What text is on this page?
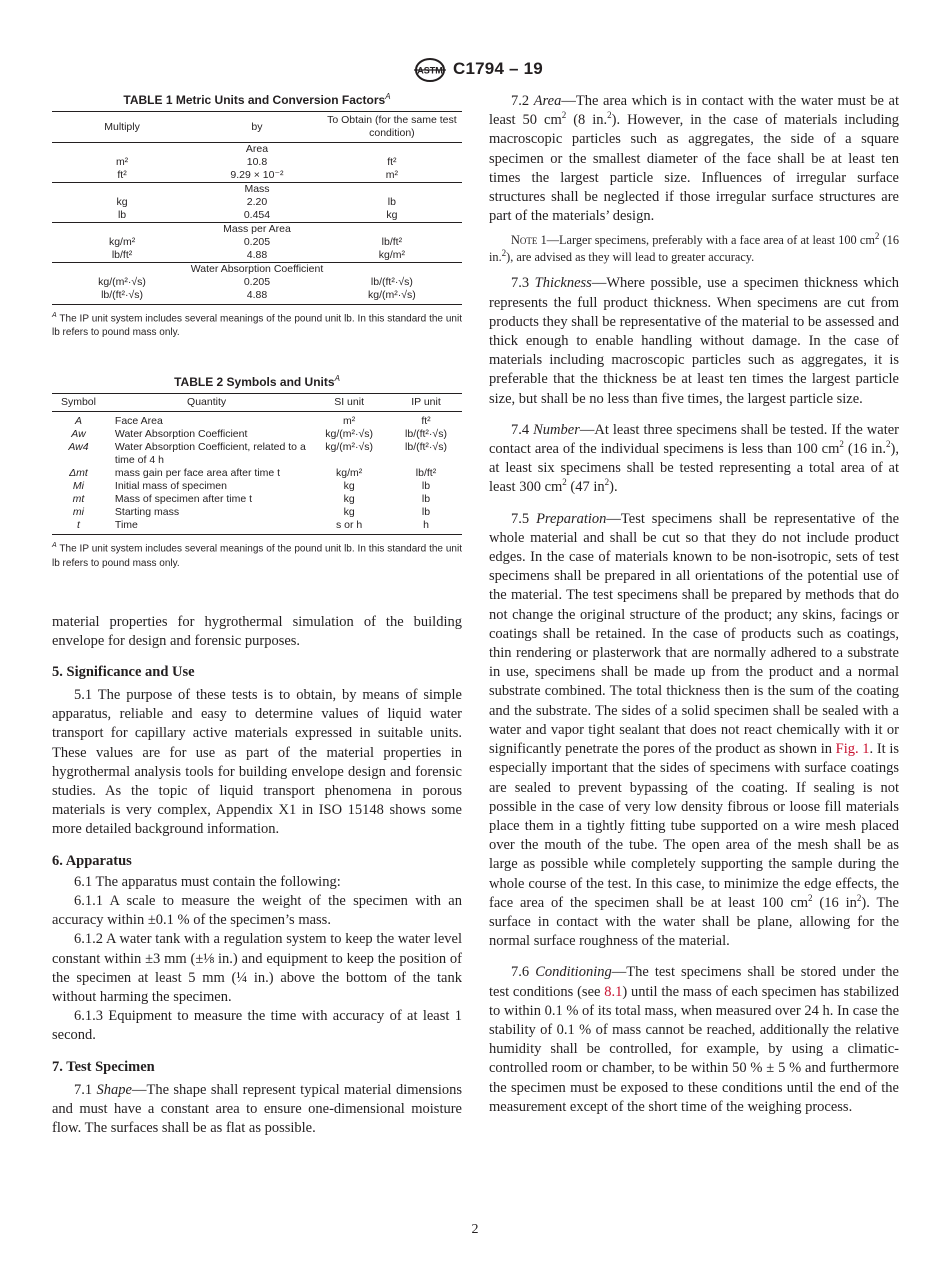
ASTM C1794 – 19
TABLE 1 Metric Units and Conversion Factors$^A$
Multiply	by	To Obtain (for the same test condition)
Area		
m²	10.8	ft²
ft²	9.29 × 10⁻²	m²
Mass		
kg	2.20	lb
lb	0.454	kg
Mass per Area		
kg/m²	0.205	lb/ft²
lb/ft²	4.88	kg/m²
Water Absorption Coefficient		
kg/(m²·√s)	0.205	lb/(ft²·√s)
lb/(ft²·√s)	4.88	kg/(m²·√s)
$^A$ The IP unit system includes several meanings of the pound unit lb. In this standard the unit lb refers to pound mass only.
TABLE 2 Symbols and Units$^A$
Symbol	Quantity	SI unit	IP unit
A	Face Area	m²	ft²
Aw	Water Absorption Coefficient	kg/(m²·√s)	lb/(ft²·√s)
Aw4	Water Absorption Coefficient, related to a time of 4 h	kg/(m²·√s)	lb/(ft²·√s)
Δmt	mass gain per face area after time t	kg/m²	lb/ft²
Mi	Initial mass of specimen	kg	lb
mt	Mass of specimen after time t	kg	lb
mi	Starting mass	kg	lb
t	Time	s or h	h
$^A$ The IP unit system includes several meanings of the pound unit lb. In this standard the unit lb refers to pound mass only.

material properties for hygrothermal simulation of the building envelope for design and forensic purposes.

5. Significance and Use

5.1 The purpose of these tests is to obtain, by means of simple apparatus, reliable and easy to determine values of liquid water transport for capillary active materials expressed in suitable units. These values are for use as part of the material properties in hygrothermal analysis tools for building envelope design and forensic studies. As the topic of liquid transport phenomena in porous materials is very complex, Appendix X1 in ISO 15148 shows some more detailed background information.

6. Apparatus

6.1 The apparatus must contain the following:

6.1.1 A scale to measure the weight of the specimen with an accuracy within ±0.1 % of the specimen’s mass.

6.1.2 A water tank with a regulation system to keep the water level constant within ±3 mm (±⅛ in.) and equipment to keep the position of the specimen at least 5 mm (¼ in.) above the bottom of the tank without harming the specimen.

6.1.3 Equipment to measure the time with accuracy of at least 1 second.

7. Test Specimen

7.1 Shape—The shape shall represent typical material dimensions and must have a constant area to ensure one-dimensional moisture flow. The surfaces shall be as flat as possible.

7.2 Area—The area which is in contact with the water must be at least 50 $cm^2$ (8 in.$^2$). However, in the case of materials including macroscopic particles such as aggregates, the side of a square specimen or the smallest diameter of the face shall be at least ten times the largest particle size. Influences of irregular surface structures shall be neglected if those irregular surface structures are part of the materials’ design.

Note 1—Larger specimens, preferably with a face area of at least 100 $cm^2$ (16 in.$^2$), are advised as they will lead to greater accuracy.

7.3 Thickness—Where possible, use a specimen thickness which represents the full product thickness. When specimens are cut from products they shall be representative of the material to be assessed and thick enough to enable handling without damage. In the case of materials including macroscopic particles such as aggregates, it is preferable that the thickness be at least ten times the largest particle size, but shall be no less than five times, the largest particle size.

7.4 Number—At least three specimens shall be tested. If the water contact area of the individual specimens is less than 100 $cm^2$ (16 in.$^2$), at least six specimens shall be tested representing a total area of at least 300 $cm^2$ (47 $in^2$).

7.5 Preparation—Test specimens shall be representative of the whole material and shall be cut so that they do not include product edges. In the case of materials known to be non-isotropic, sets of test specimens shall be prepared in all orientations of the potential use of the material. The test specimens shall be prepared by methods that do not change the original structure of the product; any skins, facings or coatings shall be retained. In the case of products such as coatings, thin rendering or plasterwork that are normally adhered to a substrate in use, specimens shall be made up from the product and a normal substrate combined. The total thickness then is the sum of the coating and the substrate. The sides of a solid specimen shall be sealed with a water and vapor tight sealant that does not react chemically with it or significantly penetrate the pores of the product as shown in Fig. 1. It is especially important that the sides of specimens with surface coatings are sealed to prevent bypassing of the coating. If sealing is not possible in the case of very low density fibrous or loose fill materials place them in a tightly fitting tube supported on a wire mesh placed over the mouth of the tube. The open area of the mesh shall be as large as possible while completely supporting the sample during the whole course of the test. In this case, to minimize the edge effects, the face area of the specimen shall be at least 100 $cm^2$ (16 $in^2$). The surface in contact with the water shall be plane, allowing for the normal surface roughness of the material.

7.6 Conditioning—The test specimens shall be stored under the test conditions (see 8.1) until the mass of each specimen has stabilized to within 0.1 % of its total mass, when measured over 24 h. In case the stability of 0.1 % of mass cannot be reached, additionally the relative humidity shall be controlled, for example, by using a climatic-controlled room or chamber, to be within 50 % ± 5 % and furthermore the specimen must be exposed to these conditions until the end of the measurement except of the short time of the weighing process.

2
